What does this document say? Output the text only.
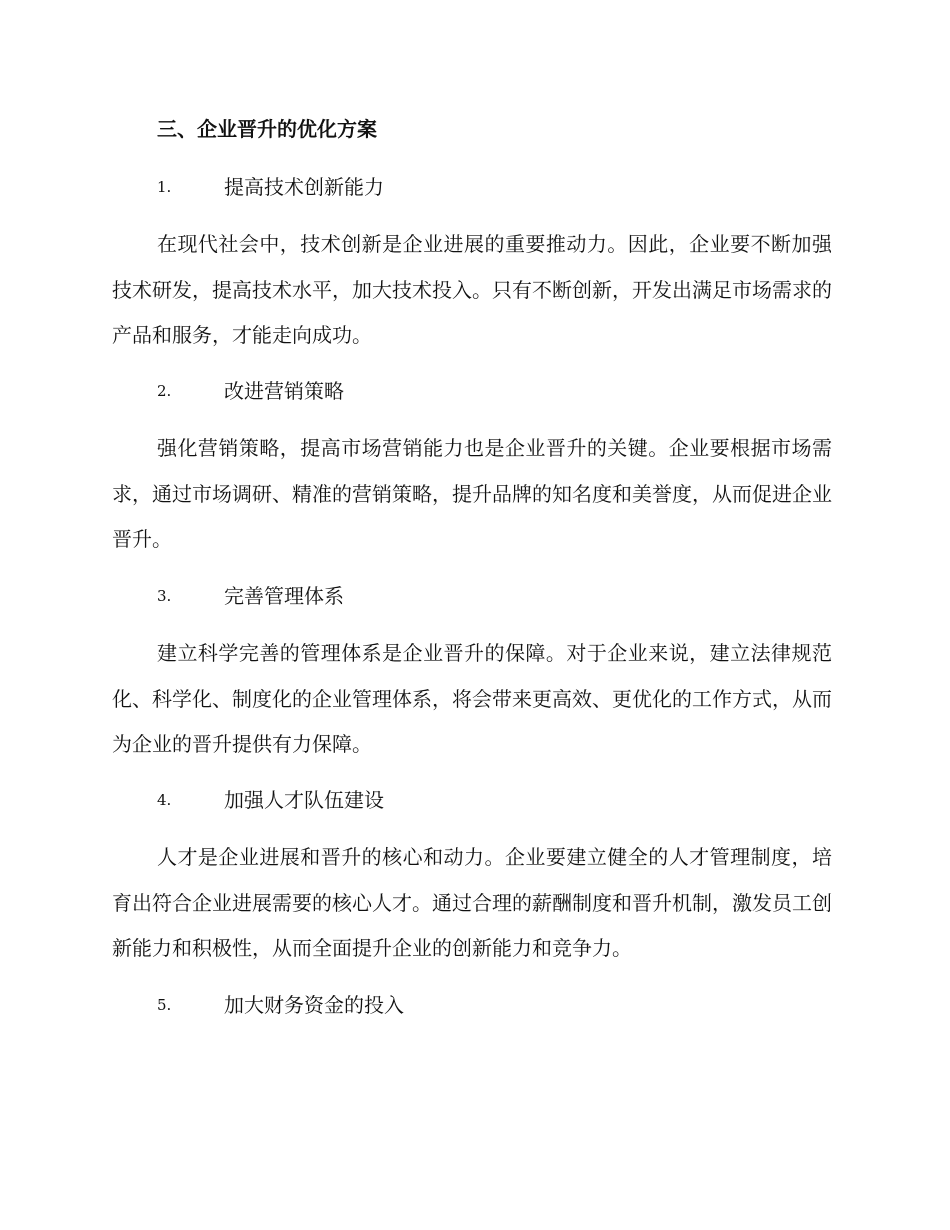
三、企业晋升的优化方案
1.	提高技术创新能力

在现代社会中，技术创新是企业进展的重要推动力。因此，企业要不断加强技术研发，提高技术水平，加大技术投入。只有不断创新，开发出满足市场需求的产品和服务，才能走向成功。

2.	改进营销策略

强化营销策略，提高市场营销能力也是企业晋升的关键。企业要根据市场需求，通过市场调研、精准的营销策略，提升品牌的知名度和美誉度，从而促进企业晋升。

3.	完善管理体系

建立科学完善的管理体系是企业晋升的保障。对于企业来说，建立法律规范化、科学化、制度化的企业管理体系，将会带来更高效、更优化的工作方式，从而为企业的晋升提供有力保障。

4.	加强人才队伍建设

人才是企业进展和晋升的核心和动力。企业要建立健全的人才管理制度，培育出符合企业进展需要的核心人才。通过合理的薪酬制度和晋升机制，激发员工创新能力和积极性，从而全面提升企业的创新能力和竞争力。

5.	加大财务资金的投入
